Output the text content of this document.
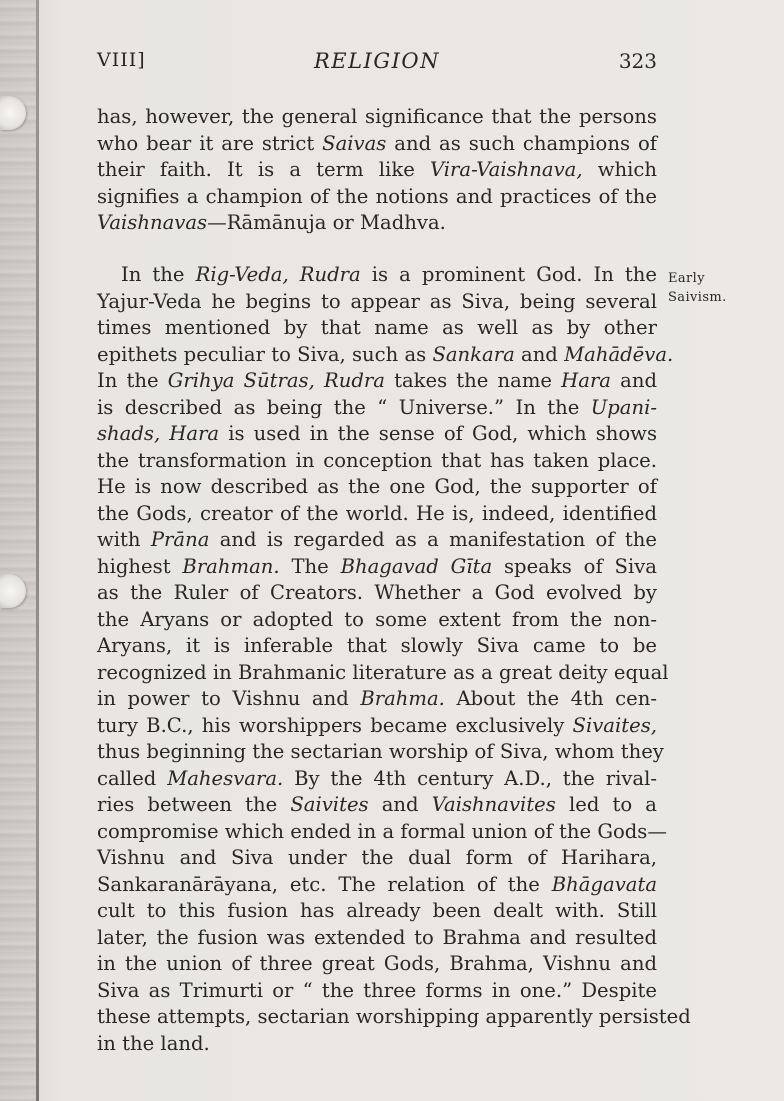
VIII]	RELIGION	323
has, however, the general significance that the persons
who bear it are strict Saivas and as such champions of
their faith. It is a term like Vira-Vaishnava, which
signifies a champion of the notions and practices of the
Vaishnavas—Rāmānuja or Madhva.
In the Rig-Veda, Rudra is a prominent God. In the
Yajur-Veda he begins to appear as Siva, being several
times mentioned by that name as well as by other
epithets peculiar to Siva, such as Sankara and Mahādēva.
In the Grihya Sūtras, Rudra takes the name Hara and
is described as being the “ Universe.” In the Upani-
shads, Hara is used in the sense of God, which shows
the transformation in conception that has taken place.
He is now described as the one God, the supporter of
the Gods, creator of the world. He is, indeed, identified
with Prāna and is regarded as a manifestation of the
highest Brahman. The Bhagavad Gīta speaks of Siva
as the Ruler of Creators. Whether a God evolved by
the Aryans or adopted to some extent from the non-
Aryans, it is inferable that slowly Siva came to be
recognized in Brahmanic literature as a great deity equal
in power to Vishnu and Brahma. About the 4th cen-
tury B.C., his worshippers became exclusively Sivaites,
thus beginning the sectarian worship of Siva, whom they
called Mahesvara. By the 4th century A.D., the rival-
ries between the Saivites and Vaishnavites led to a
compromise which ended in a formal union of the Gods—
Vishnu and Siva under the dual form of Harihara,
Sankaranārāyana, etc. The relation of the Bhāgavata
cult to this fusion has already been dealt with. Still
later, the fusion was extended to Brahma and resulted
in the union of three great Gods, Brahma, Vishnu and
Siva as Trimurti or “ the three forms in one.” Despite
these attempts, sectarian worshipping apparently persisted
in the land.
Early
Saivism.
